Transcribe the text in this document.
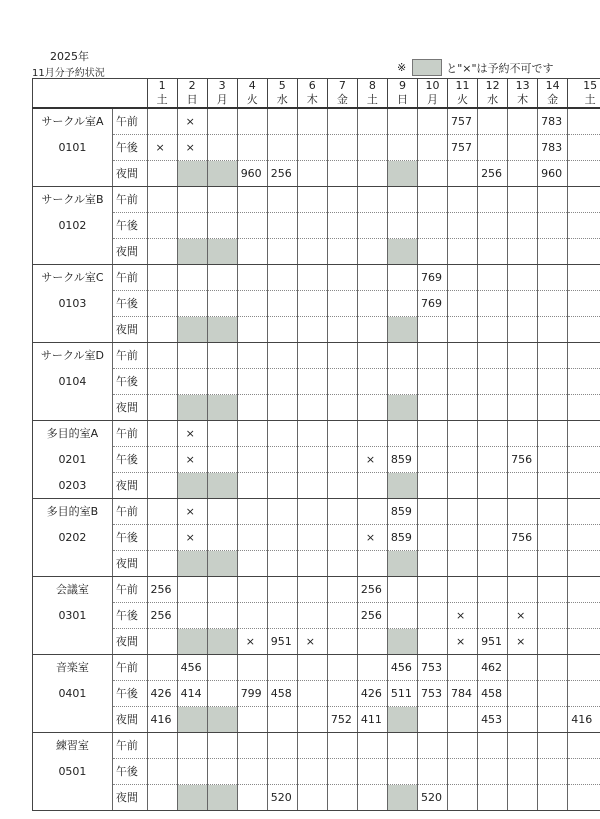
2025年
11月分予約状況	※	と"×"は予約不可です
		1	2	3	4	5	6	7	8	9	10	11	12	13	14	15
		土	日	月	火	水	木	金	土	日	月	火	水	木	金	土

サークル室A	午前		×									757			783	

0101	午後	×	×									757			783	
	夜間				960	256							256		960	

サークル室B	午前															

0102	午後															
	夜間															

サークル室C	午前										769					

0103	午後										769					
	夜間															

サークル室D	午前															

0104	午後															
	夜間															

多目的室A	午前		×													

0201	午後		×						×	859				756		

0203	夜間															

多目的室B	午前		×							859						

0202	午後		×						×	859				756		
	夜間															

会議室	午前	256							256							

0301	午後	256							256			×		×		
	夜間				×	951	×					×	951	×		

音楽室	午前		456							456	753		462			

0401	午後	426	414		799	458			426	511	753	784	458			
	夜間	416						752	411				453			416

練習室	午前															

0501	午後															
	夜間					520					520					
